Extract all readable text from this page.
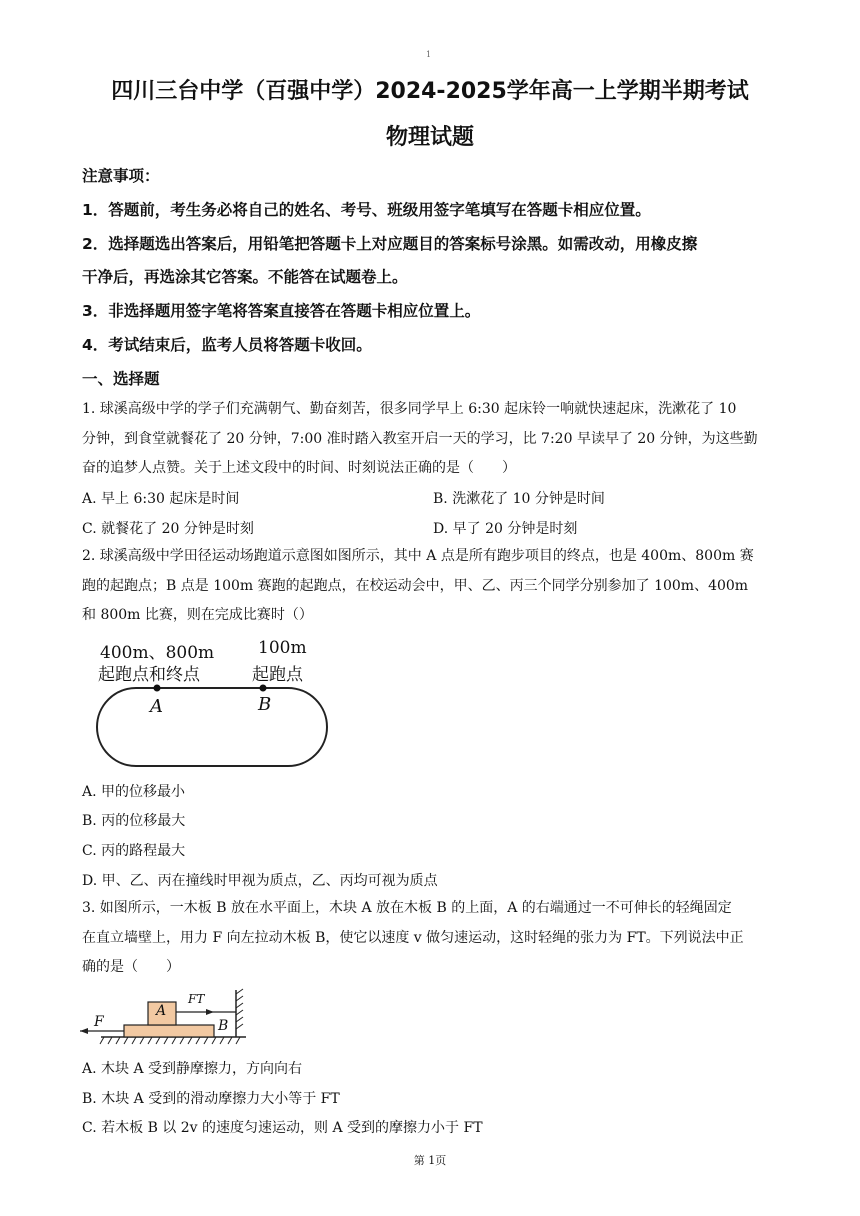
1
四川三台中学（百强中学）2024-2025学年高一上学期半期考试
物理试题
注意事项：
1．答题前，考生务必将自己的姓名、考号、班级用签字笔填写在答题卡相应位置。
2．选择题选出答案后，用铅笔把答题卡上对应题目的答案标号涂黑。如需改动，用橡皮擦
干净后，再选涂其它答案。不能答在试题卷上。
3．非选择题用签字笔将答案直接答在答题卡相应位置上。
4．考试结束后，监考人员将答题卡收回。
一、选择题
1. 球溪高级中学的学子们充满朝气、勤奋刻苦，很多同学早上 6:30 起床铃一响就快速起床，洗漱花了 10
分钟，到食堂就餐花了 20 分钟，7:00 准时踏入教室开启一天的学习，比 7:20 早读早了 20 分钟，为这些勤
奋的追梦人点赞。关于上述文段中的时间、时刻说法正确的是（　　）
A. 早上 6:30 起床是时间	B. 洗漱花了 10 分钟是时间
C. 就餐花了 20 分钟是时刻	D. 早了 20 分钟是时刻
2. 球溪高级中学田径运动场跑道示意图如图所示，其中 A 点是所有跑步项目的终点，也是 400m、800m 赛
跑的起跑点；B 点是 100m 赛跑的起跑点，在校运动会中，甲、乙、丙三个同学分别参加了 100m、400m
和 800m 比赛，则在完成比赛时（）
400m、800m
起跑点和终点
100m
起跑点
A	B
A. 甲的位移最小
B. 丙的位移最大
C. 丙的路程最大
D. 甲、乙、丙在撞线时甲视为质点，乙、丙均可视为质点
3. 如图所示，一木板 B 放在水平面上，木块 A 放在木板 B 的上面，A 的右端通过一不可伸长的轻绳固定
在直立墙壁上，用力 F 向左拉动木板 B，使它以速度 v 做匀速运动，这时轻绳的张力为 FT。下列说法中正
确的是（　　）
A
B
F
FT
A. 木块 A 受到静摩擦力，方向向右
B. 木块 A 受到的滑动摩擦力大小等于 FT
C. 若木板 B 以 2v 的速度匀速运动，则 A 受到的摩擦力小于 FT
第 1页
